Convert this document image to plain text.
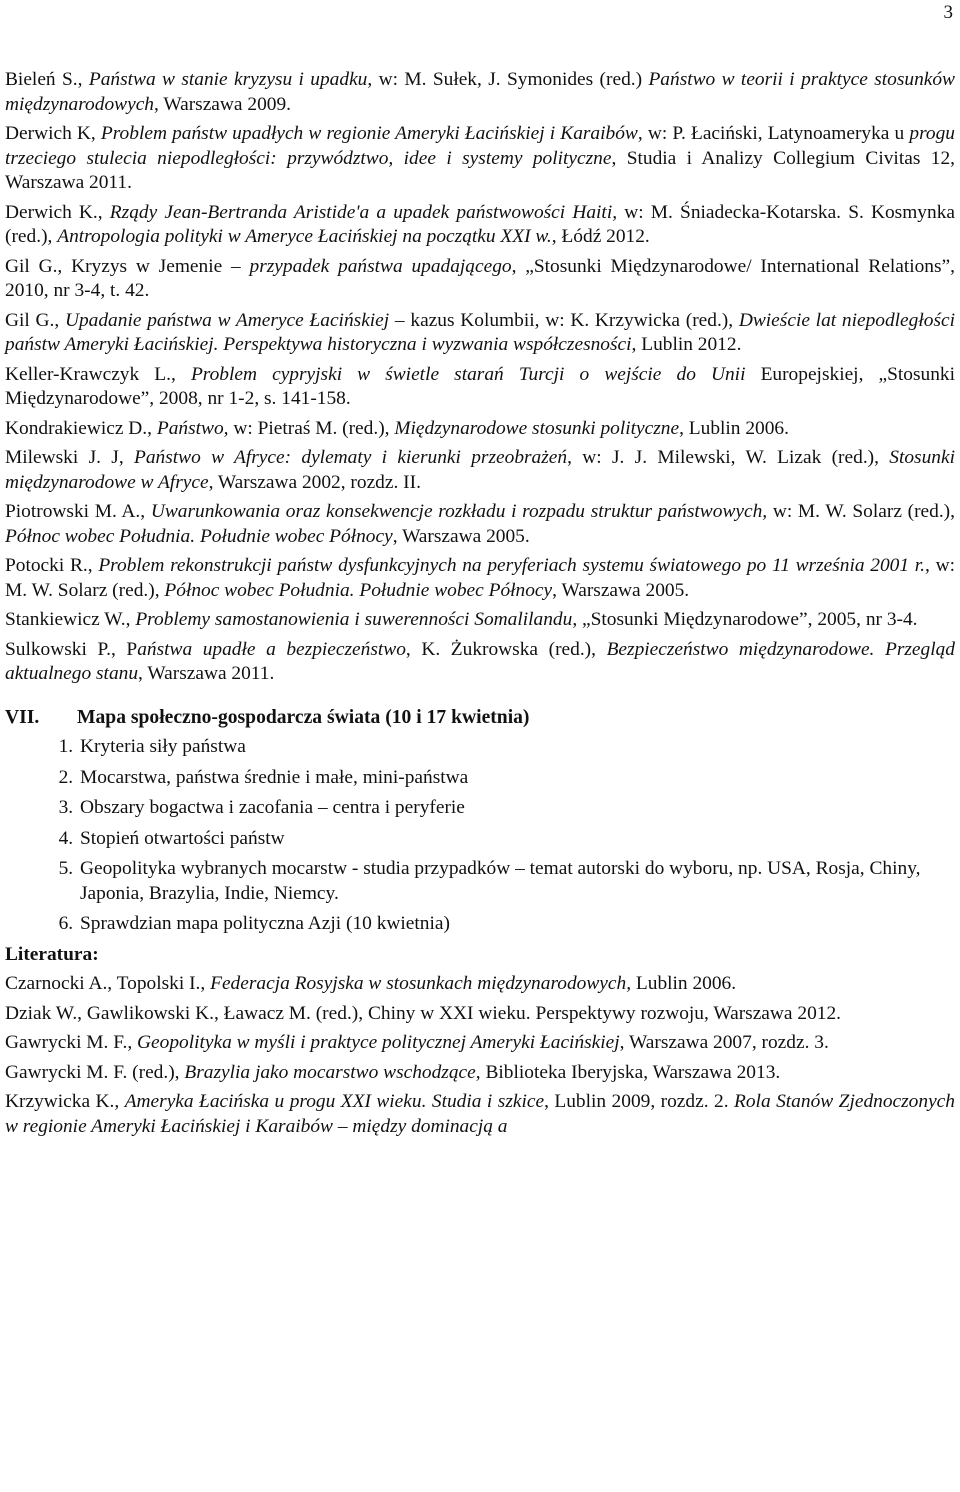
3

Bieleń S., Państwa w stanie kryzysu i upadku, w: M. Sułek, J. Symonides (red.) Państwo w teorii i praktyce stosunków międzynarodowych, Warszawa 2009.

Derwich K, Problem państw upadłych w regionie Ameryki Łacińskiej i Karaibów, w: P. Łaciński, Latynoameryka u progu trzeciego stulecia niepodległości: przywództwo, idee i systemy polityczne, Studia i Analizy Collegium Civitas 12, Warszawa 2011.

Derwich K., Rządy Jean-Bertranda Aristide'a a upadek państwowości Haiti, w: M. Śniadecka-Kotarska. S. Kosmynka (red.), Antropologia polityki w Ameryce Łacińskiej na początku XXI w., Łódź 2012.

Gil G., Kryzys w Jemenie – przypadek państwa upadającego, „Stosunki Międzynarodowe/ International Relations”, 2010, nr 3-4, t. 42.

Gil G., Upadanie państwa w Ameryce Łacińskiej – kazus Kolumbii, w: K. Krzywicka (red.), Dwieście lat niepodległości państw Ameryki Łacińskiej. Perspektywa historyczna i wyzwania współczesności, Lublin 2012.

Keller-Krawczyk L., Problem cypryjski w świetle starań Turcji o wejście do Unii Europejskiej, „Stosunki Międzynarodowe”, 2008, nr 1-2, s. 141-158.

Kondrakiewicz D., Państwo, w: Pietraś M. (red.), Międzynarodowe stosunki polityczne, Lublin 2006.

Milewski J. J, Państwo w Afryce: dylematy i kierunki przeobrażeń, w: J. J. Milewski, W. Lizak (red.), Stosunki międzynarodowe w Afryce, Warszawa 2002, rozdz. II.

Piotrowski M. A., Uwarunkowania oraz konsekwencje rozkładu i rozpadu struktur państwowych, w: M. W. Solarz (red.), Północ wobec Południa. Południe wobec Północy, Warszawa 2005.

Potocki R., Problem rekonstrukcji państw dysfunkcyjnych na peryferiach systemu światowego po 11 września 2001 r., w: M. W. Solarz (red.), Północ wobec Południa. Południe wobec Północy, Warszawa 2005.

Stankiewicz W., Problemy samostanowienia i suwerenności Somalilandu, „Stosunki Międzynarodowe”, 2005, nr 3-4.

Sulkowski P., Państwa upadłe a bezpieczeństwo, K. Żukrowska (red.), Bezpieczeństwo międzynarodowe. Przegląd aktualnego stanu, Warszawa 2011.

VII. Mapa społeczno-gospodarcza świata (10 i 17 kwietnia)
1. Kryteria siły państwa
2. Mocarstwa, państwa średnie i małe, mini-państwa
3. Obszary bogactwa i zacofania – centra i peryferie
4. Stopień otwartości państw
5. Geopolityka wybranych mocarstw - studia przypadków – temat autorski do wyboru, np. USA, Rosja, Chiny, Japonia, Brazylia, Indie, Niemcy.
6. Sprawdzian mapa polityczna Azji (10 kwietnia)
Literatura:

Czarnocki A., Topolski I., Federacja Rosyjska w stosunkach międzynarodowych, Lublin 2006.

Dziak W., Gawlikowski K., Ławacz M. (red.), Chiny w XXI wieku. Perspektywy rozwoju, Warszawa 2012.

Gawrycki M. F., Geopolityka w myśli i praktyce politycznej Ameryki Łacińskiej, Warszawa 2007, rozdz. 3.

Gawrycki M. F. (red.), Brazylia jako mocarstwo wschodzące, Biblioteka Iberyjska, Warszawa 2013.

Krzywicka K., Ameryka Łacińska u progu XXI wieku. Studia i szkice, Lublin 2009, rozdz. 2. Rola Stanów Zjednoczonych w regionie Ameryki Łacińskiej i Karaibów – między dominacją a
